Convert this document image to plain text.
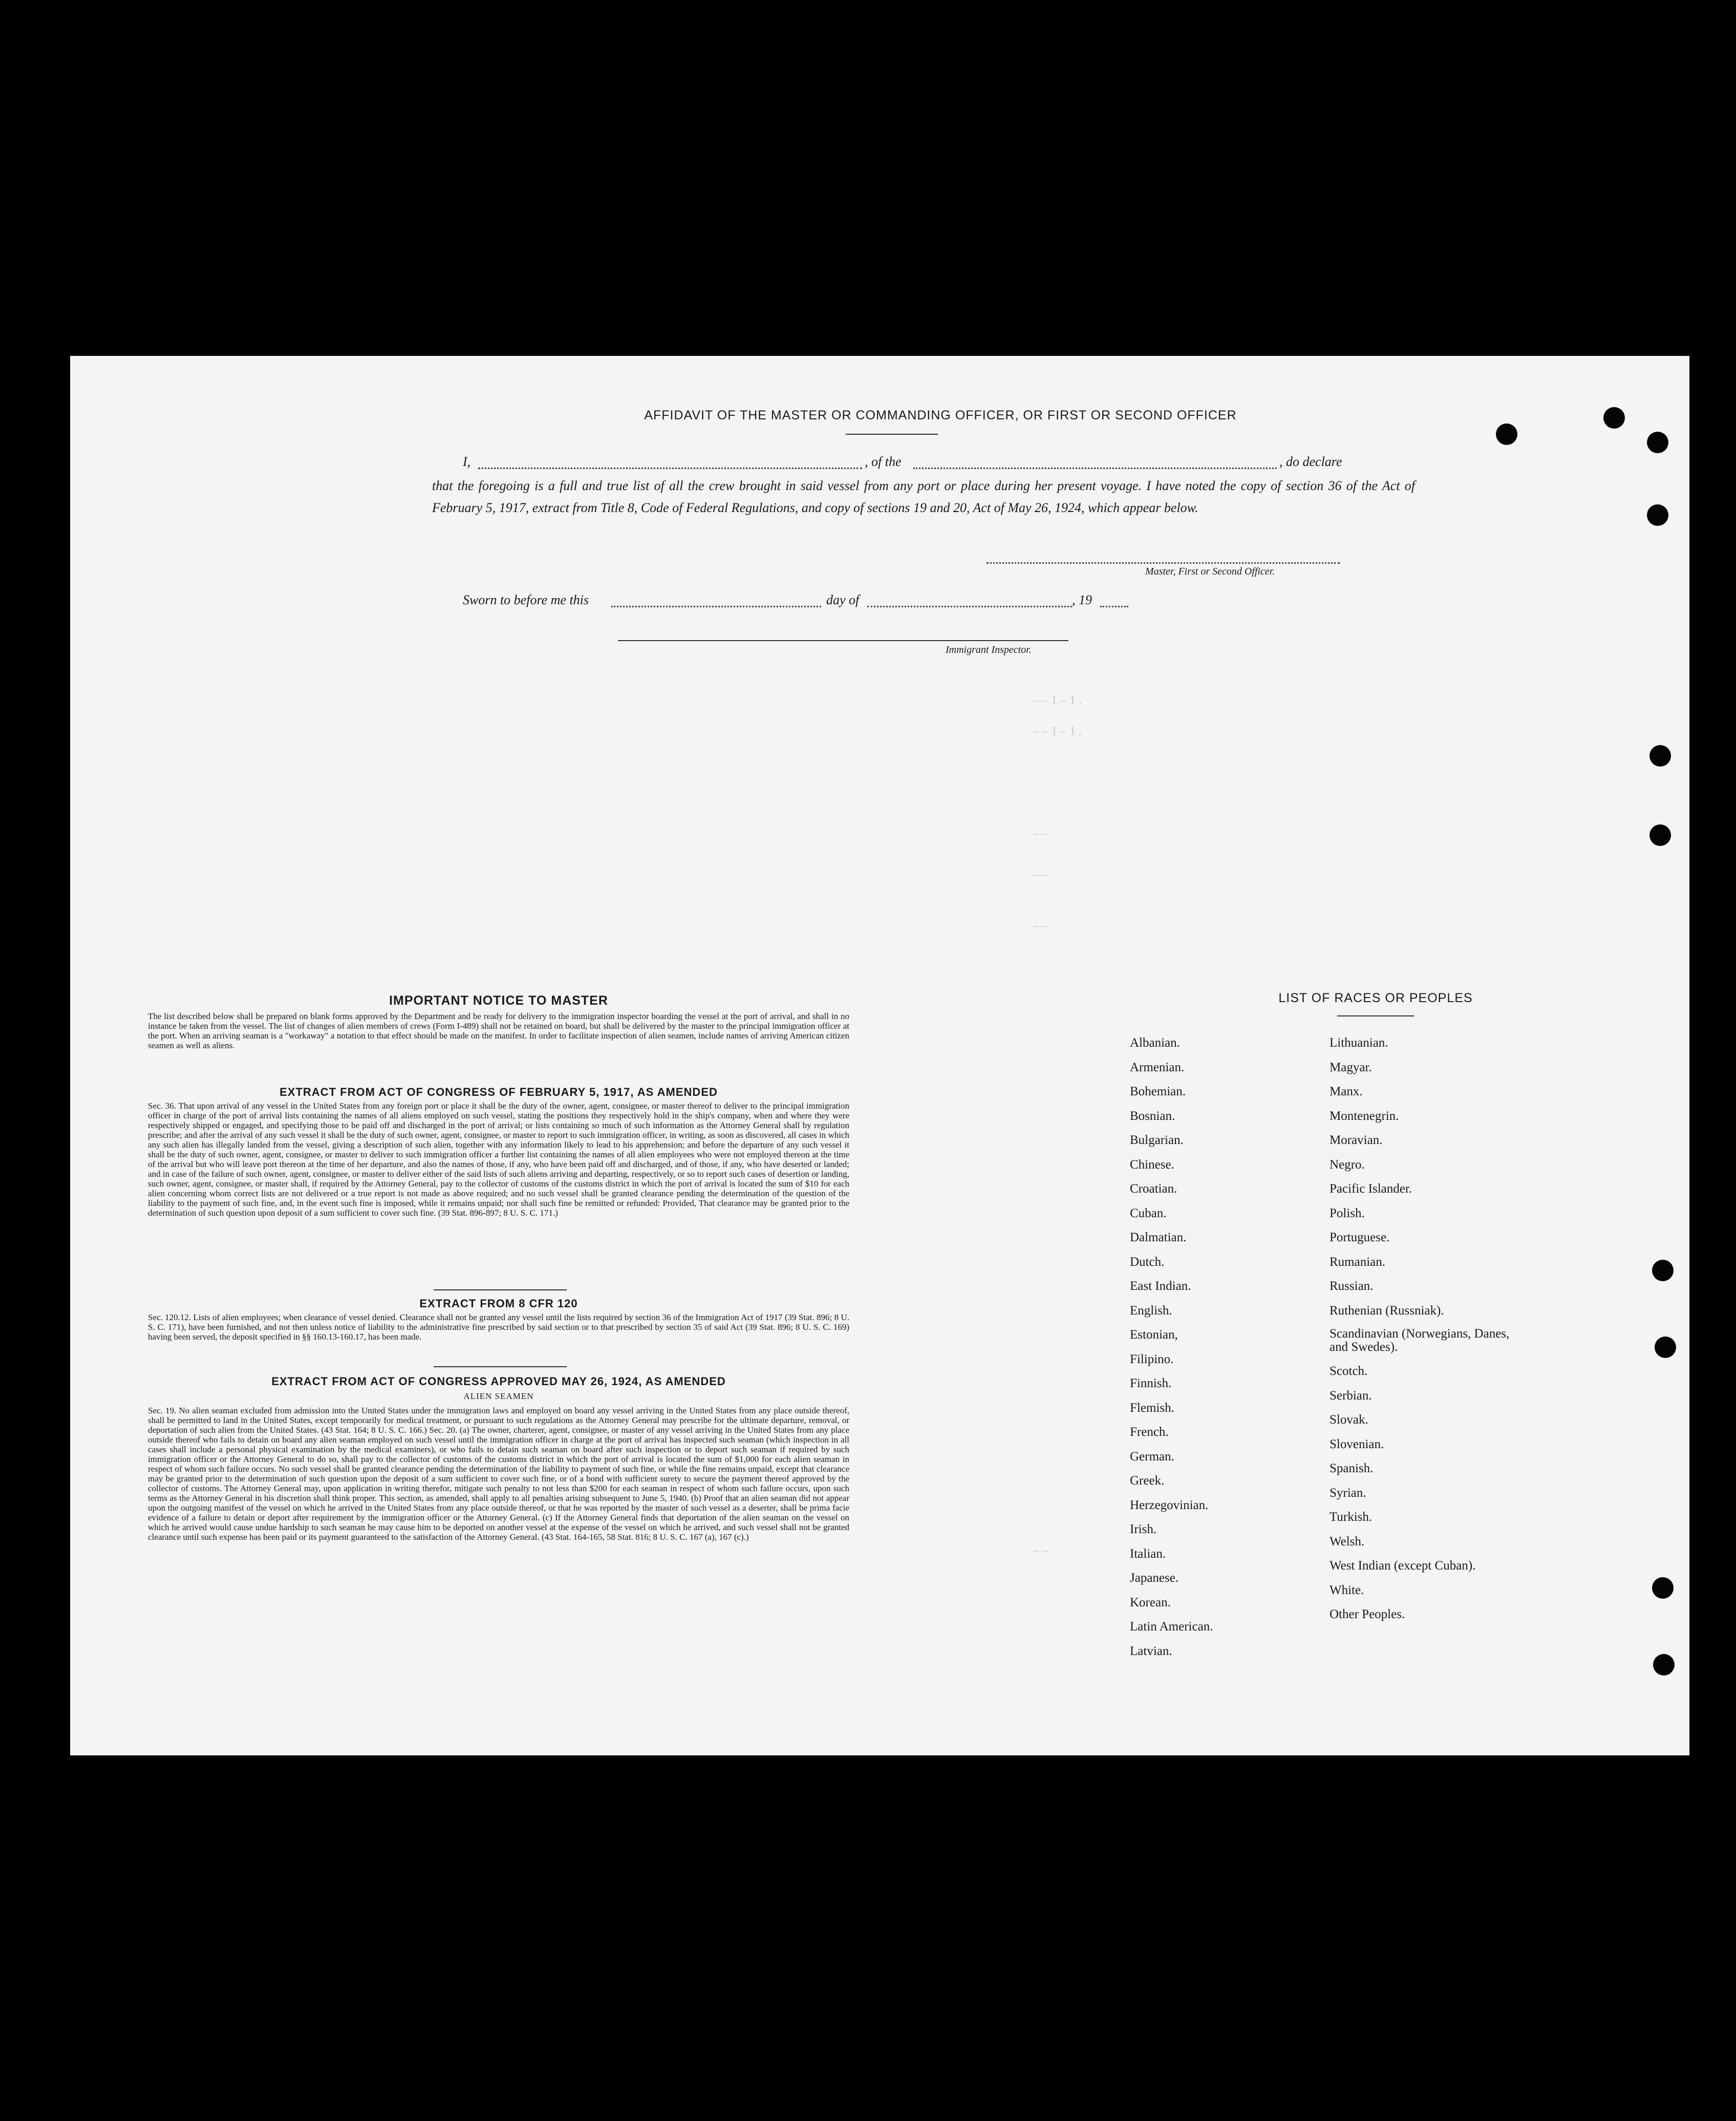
AFFIDAVIT OF THE MASTER OR COMMANDING OFFICER, OR FIRST OR SECOND OFFICER
I,	, of the	, do declare
that the foregoing is a full and true list of all the crew brought in said vessel from any port or place during her present voyage. I have noted the copy of section 36 of the Act of February 5, 1917, extract from Title 8, Code of Federal Regulations, and copy of sections 19 and 20, Act of May 26, 1924, which appear below.
Master, First or Second Officer.
Sworn to before me this	day of	, 19
Immigrant Inspector.
– – 1 – 1 .
– – 1 – 1 .
– –
– –
– –
– –
IMPORTANT NOTICE TO MASTER
The list described below shall be prepared on blank forms approved by the Department and be ready for delivery to the immigration inspector boarding the vessel at the port of arrival, and shall in no instance be taken from the vessel. The list of changes of alien members of crews (Form I-489) shall not be retained on board, but shall be delivered by the master to the principal immigration officer at the port. When an arriving seaman is a "workaway" a notation to that effect should be made on the manifest. In order to facilitate inspection of alien seamen, include names of arriving American citizen seamen as well as aliens.
EXTRACT FROM ACT OF CONGRESS OF FEBRUARY 5, 1917, AS AMENDED
Sec. 36. That upon arrival of any vessel in the United States from any foreign port or place it shall be the duty of the owner, agent, consignee, or master thereof to deliver to the principal immigration officer in charge of the port of arrival lists containing the names of all aliens employed on such vessel, stating the positions they respectively hold in the ship's company, when and where they were respectively shipped or engaged, and specifying those to be paid off and discharged in the port of arrival; or lists containing so much of such information as the Attorney General shall by regulation prescribe; and after the arrival of any such vessel it shall be the duty of such owner, agent, consignee, or master to report to such immigration officer, in writing, as soon as discovered, all cases in which any such alien has illegally landed from the vessel, giving a description of such alien, together with any information likely to lead to his apprehension; and before the departure of any such vessel it shall be the duty of such owner, agent, consignee, or master to deliver to such immigration officer a further list containing the names of all alien employees who were not employed thereon at the time of the arrival but who will leave port thereon at the time of her departure, and also the names of those, if any, who have been paid off and discharged, and of those, if any, who have deserted or landed; and in case of the failure of such owner, agent, consignee, or master to deliver either of the said lists of such aliens arriving and departing, respectively, or so to report such cases of desertion or landing, such owner, agent, consignee, or master shall, if required by the Attorney General, pay to the collector of customs of the customs district in which the port of arrival is located the sum of $10 for each alien concerning whom correct lists are not delivered or a true report is not made as above required; and no such vessel shall be granted clearance pending the determination of the question of the liability to the payment of such fine, and, in the event such fine is imposed, while it remains unpaid; nor shall such fine be remitted or refunded: Provided, That clearance may be granted prior to the determination of such question upon deposit of a sum sufficient to cover such fine. (39 Stat. 896-897; 8 U. S. C. 171.)
EXTRACT FROM 8 CFR 120
Sec. 120.12. Lists of alien employees; when clearance of vessel denied. Clearance shall not be granted any vessel until the lists required by section 36 of the Immigration Act of 1917 (39 Stat. 896; 8 U. S. C. 171), have been furnished, and not then unless notice of liability to the administrative fine prescribed by said section or to that prescribed by section 35 of said Act (39 Stat. 896; 8 U. S. C. 169) having been served, the deposit specified in §§ 160.13-160.17, has been made.
EXTRACT FROM ACT OF CONGRESS APPROVED MAY 26, 1924, AS AMENDED
ALIEN SEAMEN
Sec. 19. No alien seaman excluded from admission into the United States under the immigration laws and employed on board any vessel arriving in the United States from any place outside thereof, shall be permitted to land in the United States, except temporarily for medical treatment, or pursuant to such regulations as the Attorney General may prescribe for the ultimate departure, removal, or deportation of such alien from the United States. (43 Stat. 164; 8 U. S. C. 166.) Sec. 20. (a) The owner, charterer, agent, consignee, or master of any vessel arriving in the United States from any place outside thereof who fails to detain on board any alien seaman employed on such vessel until the immigration officer in charge at the port of arrival has inspected such seaman (which inspection in all cases shall include a personal physical examination by the medical examiners), or who fails to detain such seaman on board after such inspection or to deport such seaman if required by such immigration officer or the Attorney General to do so, shall pay to the collector of customs of the customs district in which the port of arrival is located the sum of $1,000 for each alien seaman in respect of whom such failure occurs. No such vessel shall be granted clearance pending the determination of the liability to payment of such fine, or while the fine remains unpaid, except that clearance may be granted prior to the determination of such question upon the deposit of a sum sufficient to cover such fine, or of a bond with sufficient surety to secure the payment thereof approved by the collector of customs. The Attorney General may, upon application in writing therefor, mitigate such penalty to not less than $200 for each seaman in respect of whom such failure occurs, upon such terms as the Attorney General in his discretion shall think proper. This section, as amended, shall apply to all penalties arising subsequent to June 5, 1940. (b) Proof that an alien seaman did not appear upon the outgoing manifest of the vessel on which he arrived in the United States from any place outside thereof, or that he was reported by the master of such vessel as a deserter, shall be prima facie evidence of a failure to detain or deport after requirement by the immigration officer or the Attorney General. (c) If the Attorney General finds that deportation of the alien seaman on the vessel on which he arrived would cause undue hardship to such seaman he may cause him to be deported on another vessel at the expense of the vessel on which he arrived, and such vessel shall not be granted clearance until such expense has been paid or its payment guaranteed to the satisfaction of the Attorney General. (43 Stat. 164-165, 58 Stat. 816; 8 U. S. C. 167 (a), 167 (c).)
LIST OF RACES OR PEOPLES
Albanian.
Armenian.
Bohemian.
Bosnian.
Bulgarian.
Chinese.
Croatian.
Cuban.
Dalmatian.
Dutch.
East Indian.
English.
Estonian,
Filipino.
Finnish.
Flemish.
French.
German.
Greek.
Herzegovinian.
Irish.
Italian.
Japanese.
Korean.
Latin American.
Latvian.
Lithuanian.
Magyar.
Manx.
Montenegrin.
Moravian.
Negro.
Pacific Islander.
Polish.
Portuguese.
Rumanian.
Russian.
Ruthenian (Russniak).
Scandinavian (Norwegians, Danes, and Swedes).
Scotch.
Serbian.
Slovak.
Slovenian.
Spanish.
Syrian.
Turkish.
Welsh.
West Indian (except Cuban).
White.
Other Peoples.
